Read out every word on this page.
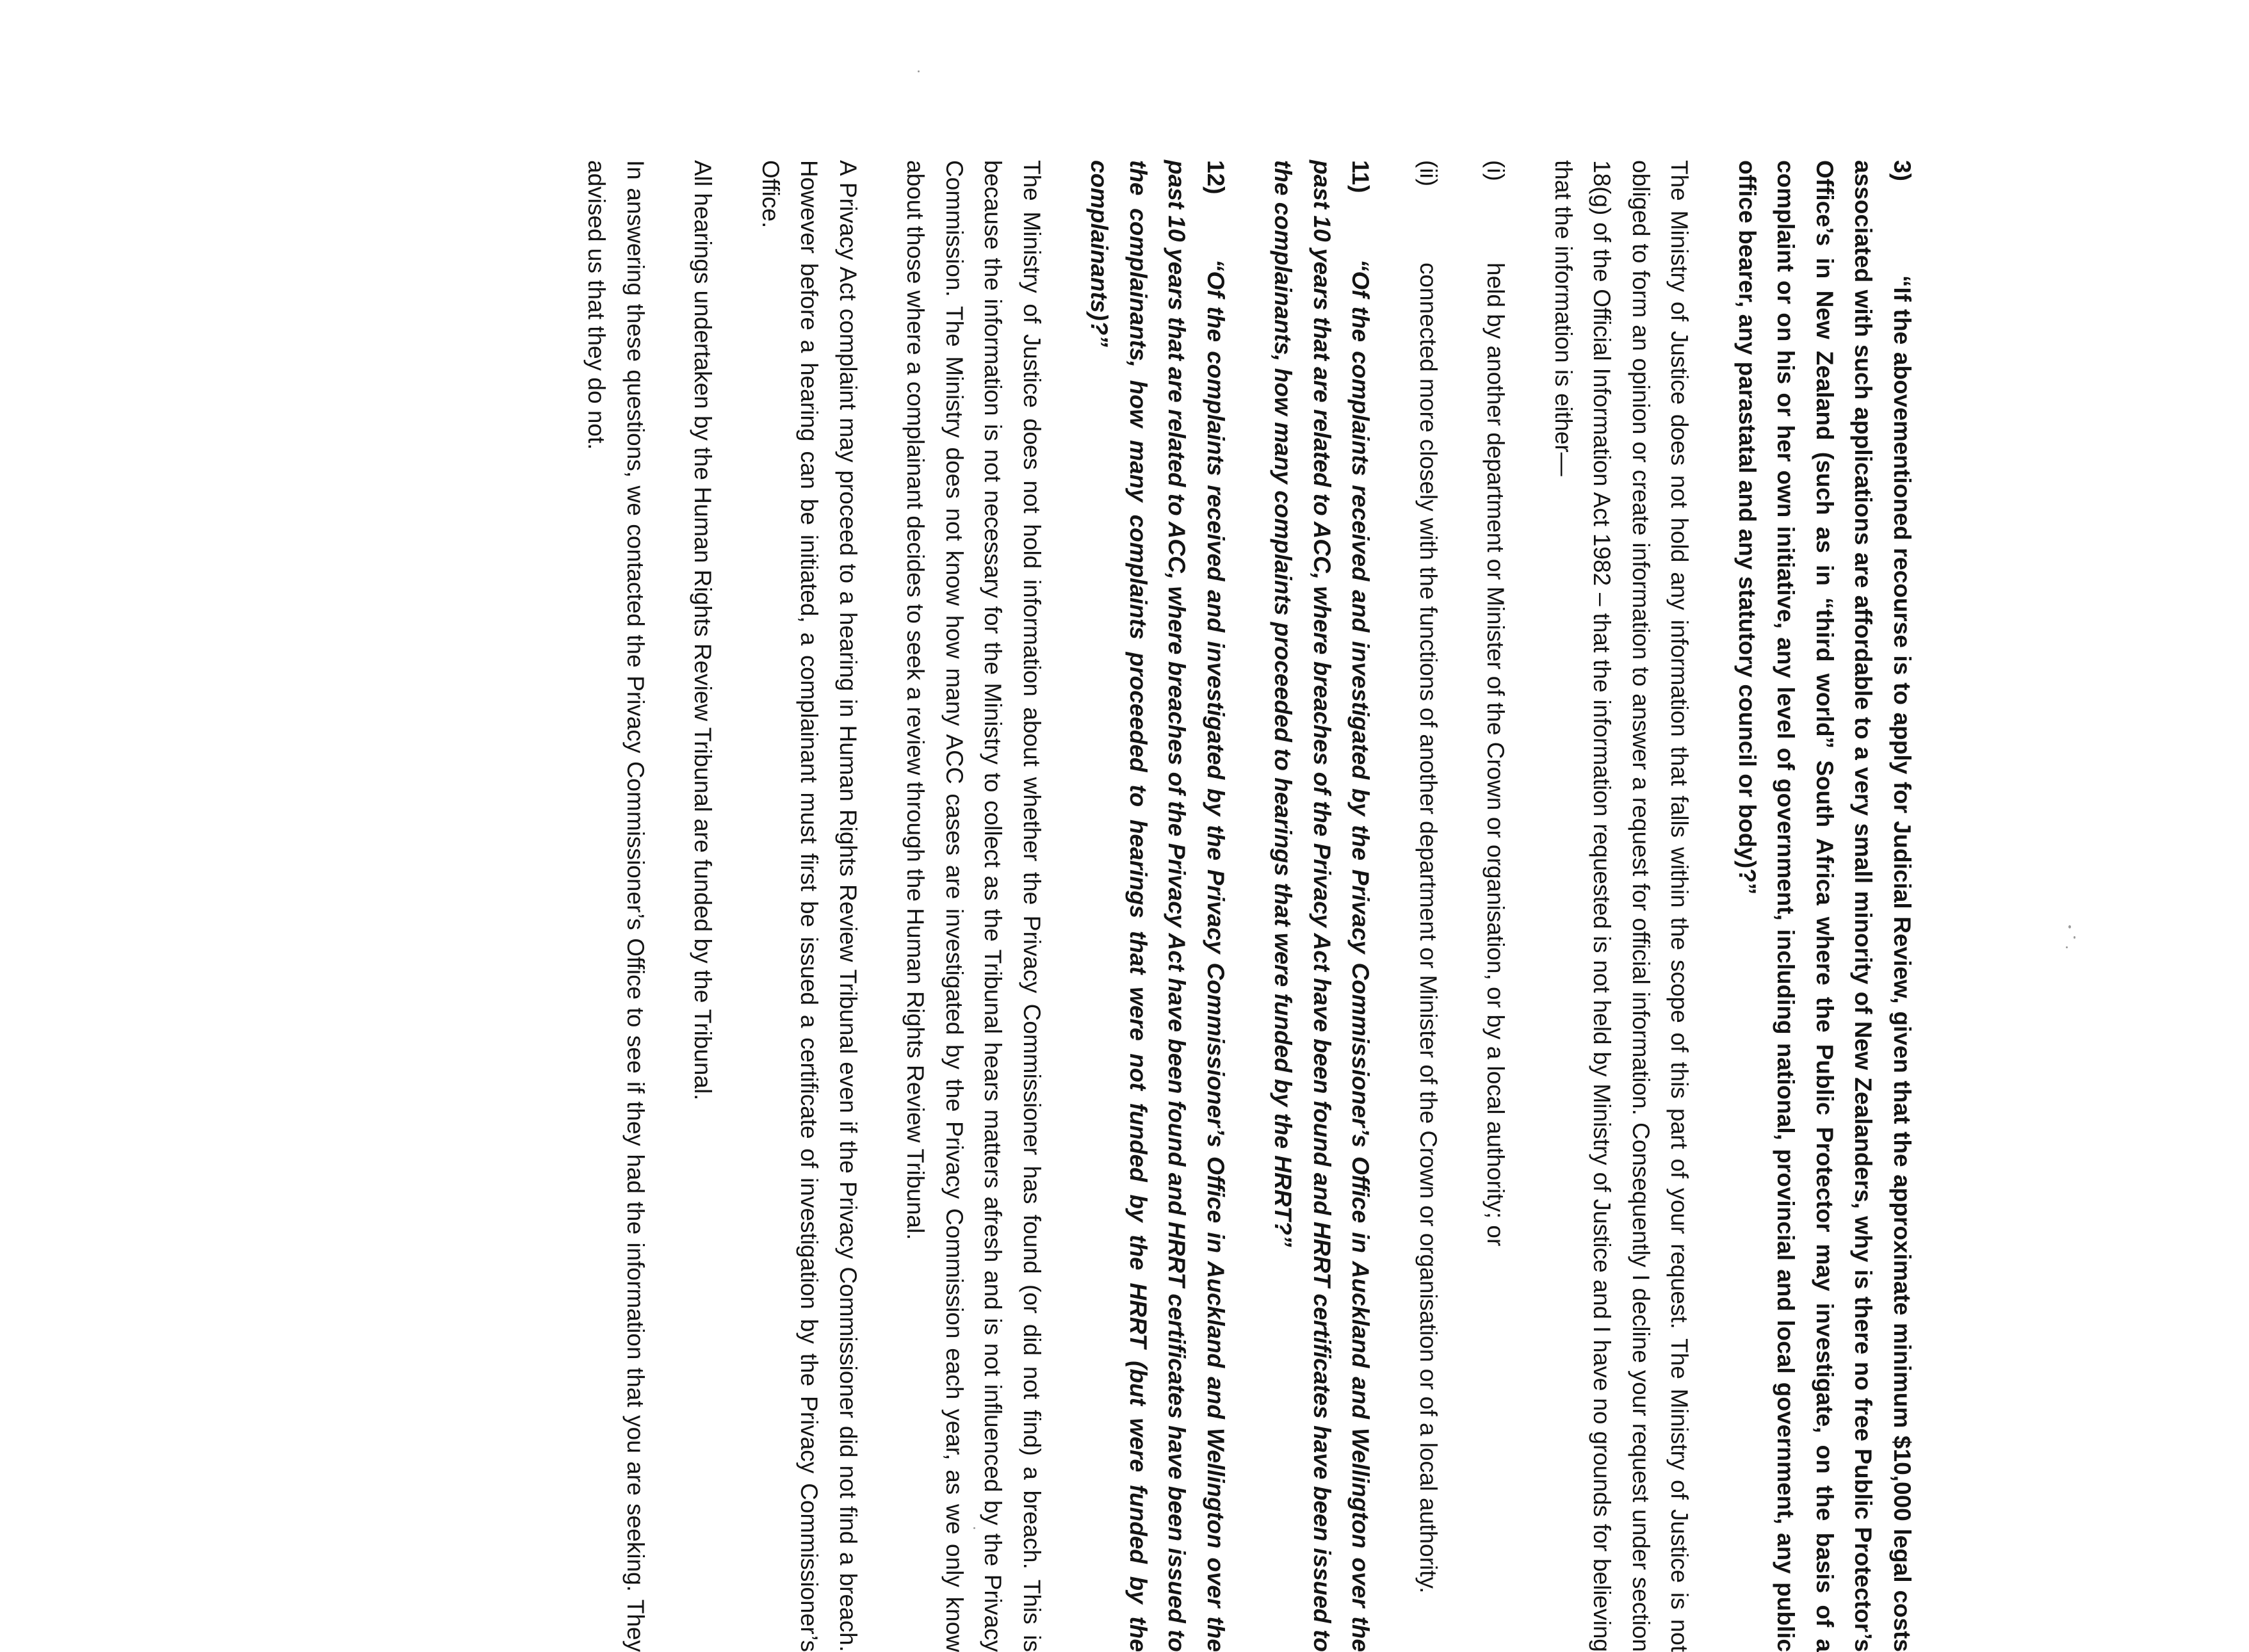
3)“If the abovementioned recourse is to apply for Judicial Review, given that the approximate minimum $10,000 legal costs associated with such applications are affordable to a very small minority of New Zealanders, why is there no free Public Protector’s Office’s in New Zealand (such as in “third world” South Africa where the Public Protector may investigate, on the basis of a complaint or on his or her own initiative, any level of government, including national, provincial and local government, any public office bearer, any parastatal and any statutory council or body)?”

The Ministry of Justice does not hold any information that falls within the scope of this part of your request. The Ministry of Justice is not obliged to form an opinion or create information to answer a request for official information. Consequently I decline your request under section 18(g) of the Official Information Act 1982 – that the information requested is not held by Ministry of Justice and I have no grounds for believing that the information is either—

(i)
held by another department or Minister of the Crown or organisation, or by a local authority; or
(ii)
connected more closely with the functions of another department or Minister of the Crown or organisation or of a local authority.

11)“Of the complaints received and investigated by the Privacy Commissioner’s Office in Auckland and Wellington over the past 10 years that are related to ACC, where breaches of the Privacy Act have been found and HRRT certificates have been issued to the complainants, how many complaints proceeded to hearings that were funded by the HRRT?”

12)“Of the complaints received and investigated by the Privacy Commissioner’s Office in Auckland and Wellington over the past 10 years that are related to ACC, where breaches of the Privacy Act have been found and HRRT certificates have been issued to the complainants, how many complaints proceeded to hearings that were not funded by the HRRT (but were funded by the complainants)?”

The Ministry of Justice does not hold information about whether the Privacy Commissioner has found (or did not find) a breach. This is because the information is not necessary for the Ministry to collect as the Tribunal hears matters afresh and is not influenced by the Privacy Commission. The Ministry does not know how many ACC cases are investigated by the Privacy Commission each year, as we only know about those where a complainant decides to seek a review through the Human Rights Review Tribunal.

A Privacy Act complaint may proceed to a hearing in Human Rights Review Tribunal even if the Privacy Commissioner did not find a breach. However before a hearing can be initiated, a complainant must first be issued a certificate of investigation by the Privacy Commissioner’s Office.

All hearings undertaken by the Human Rights Review Tribunal are funded by the Tribunal.

In answering these questions, we contacted the Privacy Commissioner’s Office to see if they had the information that you are seeking. They advised us that they do not.
